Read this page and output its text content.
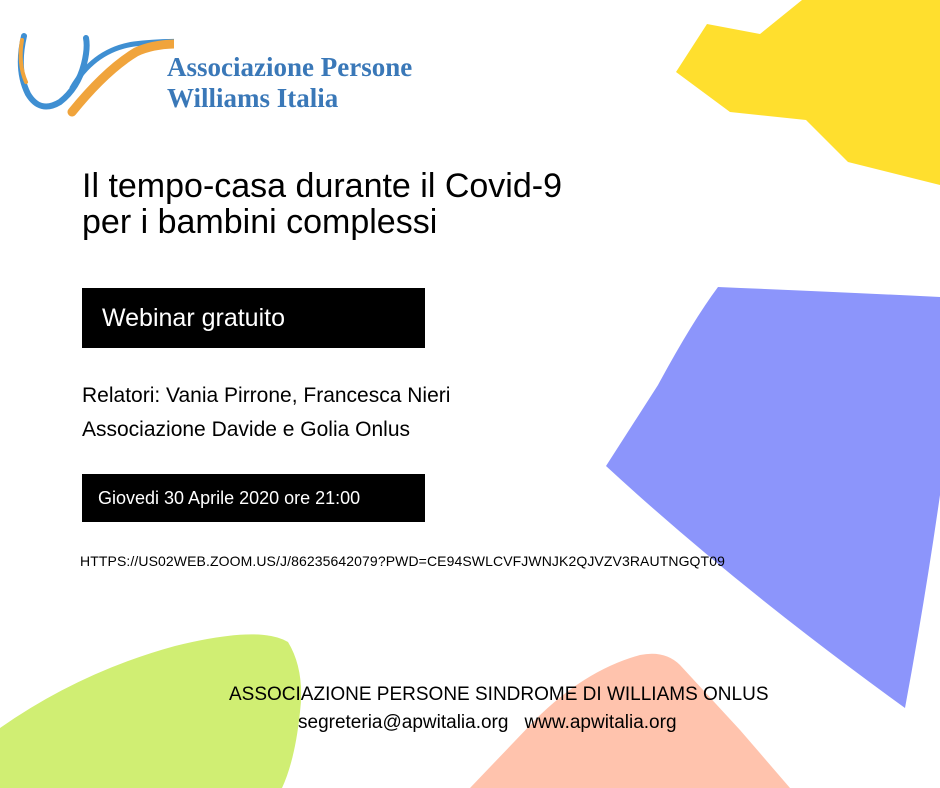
Associazione Persone
Williams Italia
Il tempo-casa durante il Covid-9
per i bambini complessi
Webinar gratuito

Relatori: Vania Pirrone, Francesca Nieri
Associazione Davide e Golia Onlus

Giovedi 30 Aprile 2020 ore 21:00
HTTPS://US02WEB.ZOOM.US/J/86235642079?PWD=CE94SWLCVFJWNJK2QJVZV3RAUTNGQT09
ASSOCIAZIONE PERSONE SINDROME DI WILLIAMS ONLUS
segreteria@apwitalia.org www.apwitalia.org
